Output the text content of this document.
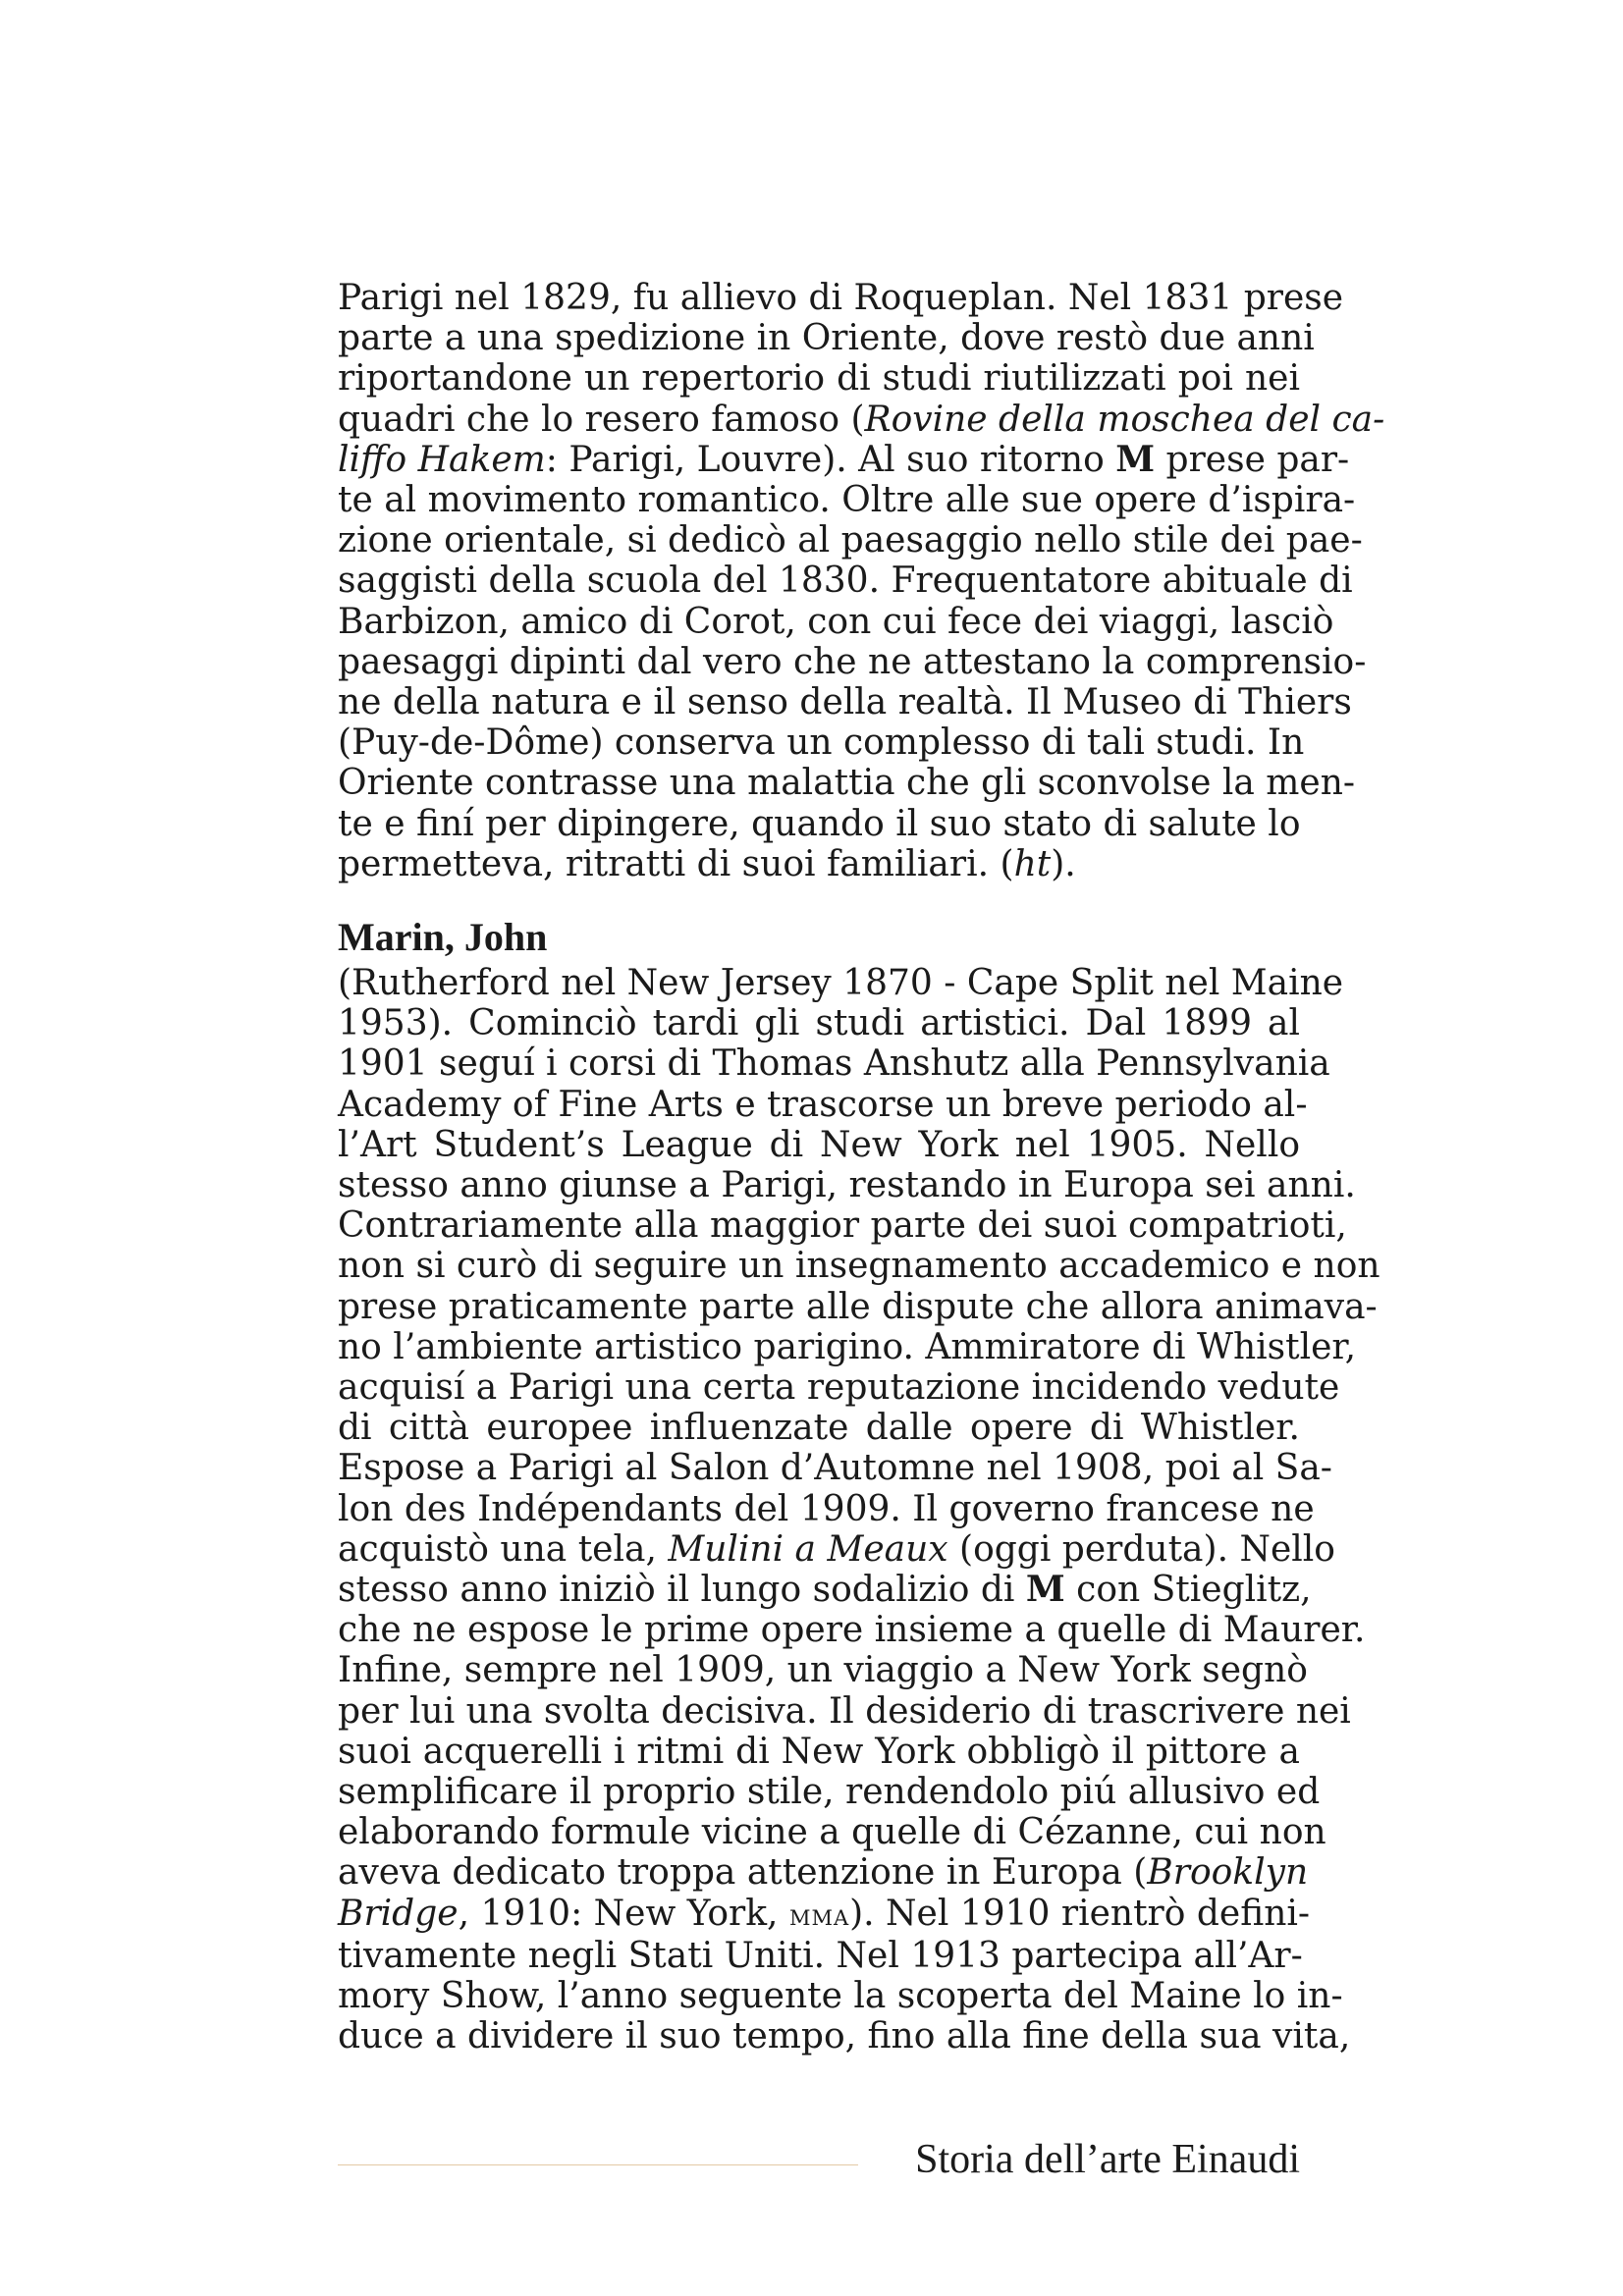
Parigi nel 1829, fu allievo di Roqueplan. Nel 1831 prese
parte a una spedizione in Oriente, dove restò due anni
riportandone un repertorio di studi riutilizzati poi nei
quadri che lo resero famoso (Rovine della moschea del ca-
liffo Hakem: Parigi, Louvre). Al suo ritorno M prese par-
te al movimento romantico. Oltre alle sue opere d’ispira-
zione orientale, si dedicò al paesaggio nello stile dei pae-
saggisti della scuola del 1830. Frequentatore abituale di
Barbizon, amico di Corot, con cui fece dei viaggi, lasciò
paesaggi dipinti dal vero che ne attestano la comprensio-
ne della natura e il senso della realtà. Il Museo di Thiers
(Puy-de-Dôme) conserva un complesso di tali studi. In
Oriente contrasse una malattia che gli sconvolse la men-
te e finí per dipingere, quando il suo stato di salute lo
permetteva, ritratti di suoi familiari. (ht).
Marin, John
(Rutherford nel New Jersey 1870 - Cape Split nel Maine
1953). Cominciò tardi gli studi artistici. Dal 1899 al
1901 seguí i corsi di Thomas Anshutz alla Pennsylvania
Academy of Fine Arts e trascorse un breve periodo al-
l’Art Student’s League di New York nel 1905. Nello
stesso anno giunse a Parigi, restando in Europa sei anni.
Contrariamente alla maggior parte dei suoi compatrioti,
non si curò di seguire un insegnamento accademico e non
prese praticamente parte alle dispute che allora animava-
no l’ambiente artistico parigino. Ammiratore di Whistler,
acquisí a Parigi una certa reputazione incidendo vedute
di città europee influenzate dalle opere di Whistler.
Espose a Parigi al Salon d’Automne nel 1908, poi al Sa-
lon des Indépendants del 1909. Il governo francese ne
acquistò una tela, Mulini a Meaux (oggi perduta). Nello
stesso anno iniziò il lungo sodalizio di M con Stieglitz,
che ne espose le prime opere insieme a quelle di Maurer.
Infine, sempre nel 1909, un viaggio a New York segnò
per lui una svolta decisiva. Il desiderio di trascrivere nei
suoi acquerelli i ritmi di New York obbligò il pittore a
semplificare il proprio stile, rendendolo piú allusivo ed
elaborando formule vicine a quelle di Cézanne, cui non
aveva dedicato troppa attenzione in Europa (Brooklyn
Bridge, 1910: New York, mma). Nel 1910 rientrò defini-
tivamente negli Stati Uniti. Nel 1913 partecipa all’Ar-
mory Show, l’anno seguente la scoperta del Maine lo in-
duce a dividere il suo tempo, fino alla fine della sua vita,
Storia dell’arte Einaudi
